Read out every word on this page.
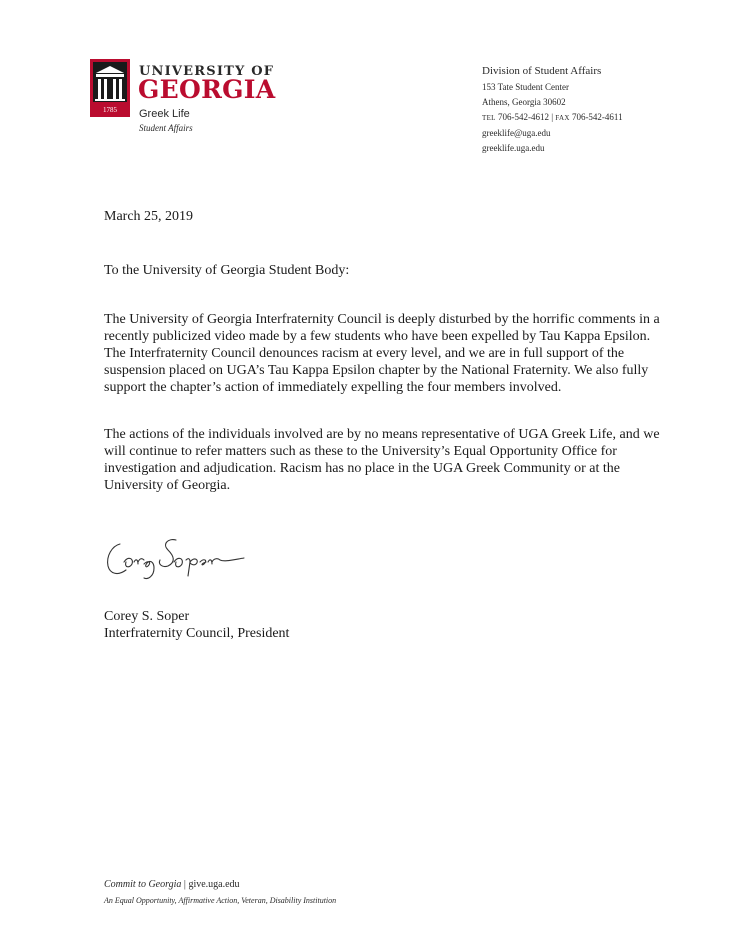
1785
UNIVERSITY OF
GEORGIA
Greek Life
Student Affairs
Division of Student Affairs
153 Tate Student Center
Athens, Georgia 30602
TEL 706-542-4612 | FAX 706-542-4611
greeklife@uga.edu
greeklife.uga.edu
March 25, 2019
To the University of Georgia Student Body:
The University of Georgia Interfraternity Council is deeply disturbed by the horrific comments in a recently publicized video made by a few students who have been expelled by Tau Kappa Epsilon. The Interfraternity Council denounces racism at every level, and we are in full support of the suspension placed on UGA’s Tau Kappa Epsilon chapter by the National Fraternity. We also fully support the chapter’s action of immediately expelling the four members involved.
The actions of the individuals involved are by no means representative of UGA Greek Life, and we will continue to refer matters such as these to the University’s Equal Opportunity Office for investigation and adjudication. Racism has no place in the UGA Greek Community or at the University of Georgia.
Corey S. Soper
Interfraternity Council, President
Commit to Georgia | give.uga.edu
An Equal Opportunity, Affirmative Action, Veteran, Disability Institution
